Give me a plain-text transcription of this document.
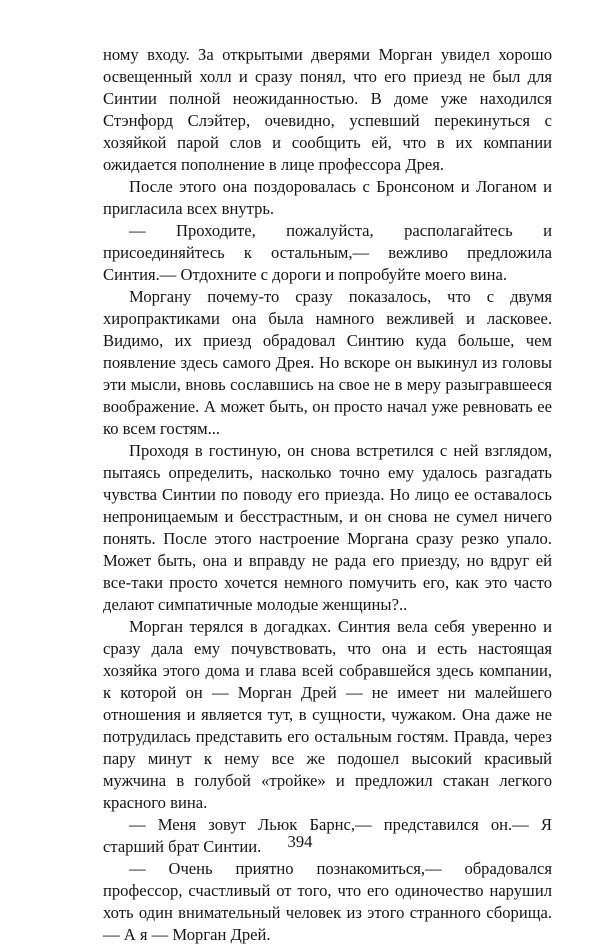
ному входу. За открытыми дверями Морган увидел хорошо освещенный холл и сразу понял, что его приезд не был для Синтии полной неожиданностью. В доме уже находился Стэнфорд Слэйтер, очевидно, успевший перекинуться с хозяйкой парой слов и сообщить ей, что в их компании ожидается пополнение в лице профессора Дрея.

После этого она поздоровалась с Бронсоном и Логаном и пригласила всех внутрь.

— Проходите, пожалуйста, располагайтесь и присоединяйтесь к остальным,— вежливо предложила Синтия.— Отдохните с дороги и попробуйте моего вина.

Моргану почему-то сразу показалось, что с двумя хиропрактиками она была намного вежливей и ласковее. Видимо, их приезд обрадовал Синтию куда больше, чем появление здесь самого Дрея. Но вскоре он выкинул из головы эти мысли, вновь сославшись на свое не в меру разыгравшееся воображение. А может быть, он просто начал уже ревновать ее ко всем гостям...

Проходя в гостиную, он снова встретился с ней взглядом, пытаясь определить, насколько точно ему удалось разгадать чувства Синтии по поводу его приезда. Но лицо ее оставалось непроницаемым и бесстрастным, и он снова не сумел ничего понять. После этого настроение Моргана сразу резко упало. Может быть, она и вправду не рада его приезду, но вдруг ей все-таки просто хочется немного помучить его, как это часто делают симпатичные молодые женщины?..

Морган терялся в догадках. Синтия вела себя уверенно и сразу дала ему почувствовать, что она и есть настоящая хозяйка этого дома и глава всей собравшейся здесь компании, к которой он — Морган Дрей — не имеет ни малейшего отношения и является тут, в сущности, чужаком. Она даже не потрудилась представить его остальным гостям. Правда, через пару минут к нему все же подошел высокий красивый мужчина в голубой «тройке» и предложил стакан легкого красного вина.

— Меня зовут Льюк Барнс,— представился он.— Я старший брат Синтии.

— Очень приятно познакомиться,— обрадовался профессор, счастливый от того, что его одиночество нарушил хоть один внимательный человек из этого странного сборища.— А я — Морган Дрей.

394
